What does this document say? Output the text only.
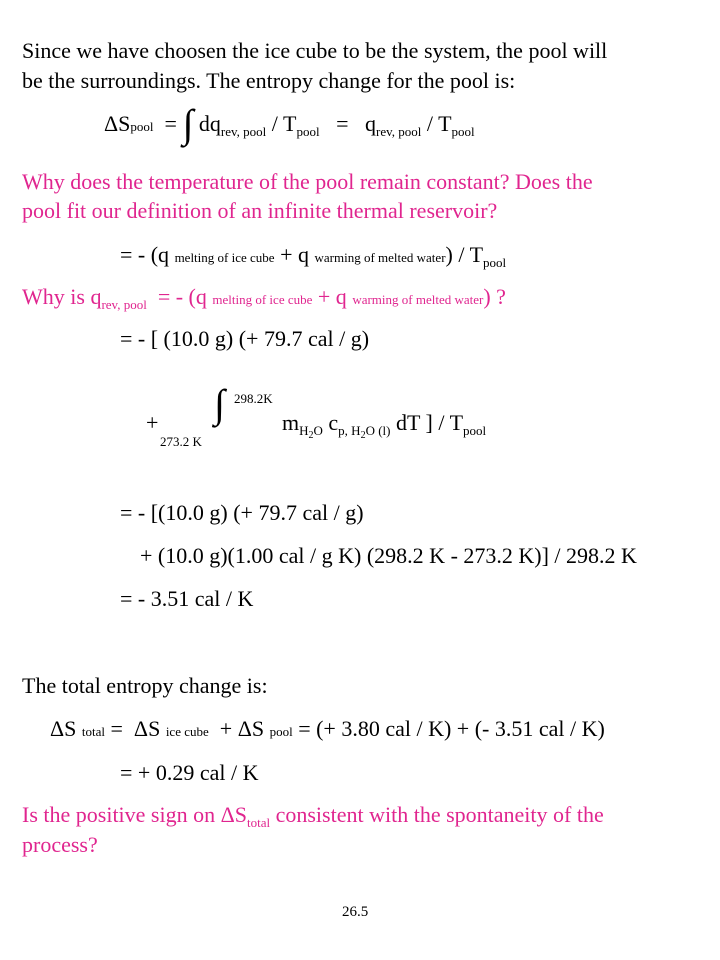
Since we have choosen the ice cube to be the system, the pool will
be the surroundings. The entropy change for the pool is:
ΔSpool = ∫ $dq_{rev, pool} / T_{pool} = q_{rev, pool} / T_{pool}$
Why does the temperature of the pool remain constant? Does the
pool fit our definition of an infinite thermal reservoir?
= - (q melting of ice cube + q warming of melted water) / $T_{pool}$
Why is $q_{rev, pool}$ = - (q melting of ice cube + q warming of melted water) ?
= - [ (10.0 g) (+ 79.7 cal / g)
+ ∫ 298.2K
273.2 K
$m_{H_2O}$ $c_{p, H_2O (l)}$ dT ] / $T_{pool}$
= - [(10.0 g) (+ 79.7 cal / g)
+ (10.0 g)(1.00 cal / g K) (298.2 K - 273.2 K)] / 298.2 K
= - 3.51 cal / K
The total entropy change is:
ΔS total = ΔS ice cube + ΔS pool = (+ 3.80 cal / K) + (- 3.51 cal / K)
= + 0.29 cal / K
Is the positive sign on $\Delta S_{total}$ consistent with the spontaneity of the
process?
26.5
